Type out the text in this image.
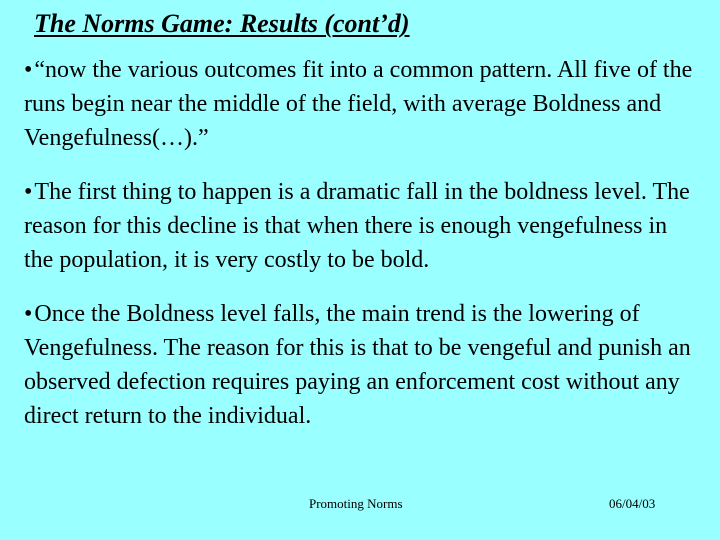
The Norms Game: Results (cont’d)
•“now the various outcomes fit into a common pattern. All five of the runs begin near the middle of the field, with average Boldness and Vengefulness(…).”
•The first thing to happen is a dramatic fall in the boldness level. The reason for this decline is that when there is enough vengefulness in the population, it is very costly to be bold.
•Once the Boldness level falls, the main trend is the lowering of Vengefulness. The reason for this is that to be vengeful and punish an observed defection requires paying an enforcement cost without any direct return to the individual.
Promoting Norms	06/04/03
